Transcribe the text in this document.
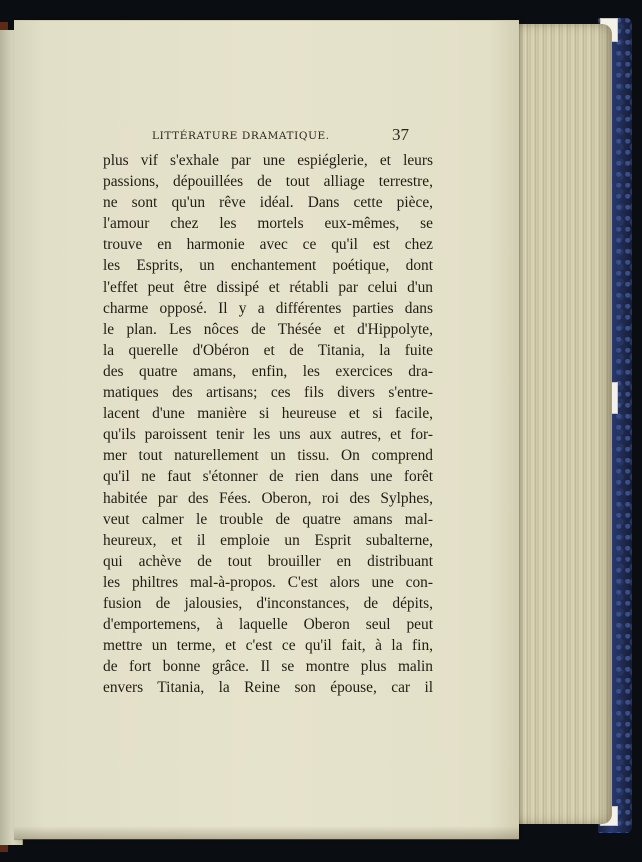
LITTÉRATURE DRAMATIQUE.	37
plus vif s'exhale par une espiéglerie, et leurs
passions, dépouillées de tout alliage terrestre,
ne sont qu'un rêve idéal. Dans cette pièce,
l'amour chez les mortels eux-mêmes, se
trouve en harmonie avec ce qu'il est chez
les Esprits, un enchantement poétique, dont
l'effet peut être dissipé et rétabli par celui d'un
charme opposé. Il y a différentes parties dans
le plan. Les nôces de Thésée et d'Hippolyte,
la querelle d'Obéron et de Titania, la fuite
des quatre amans, enfin, les exercices dra-
matiques des artisans; ces fils divers s'entre-
lacent d'une manière si heureuse et si facile,
qu'ils paroissent tenir les uns aux autres, et for-
mer tout naturellement un tissu. On comprend
qu'il ne faut s'étonner de rien dans une forêt
habitée par des Fées. Oberon, roi des Sylphes,
veut calmer le trouble de quatre amans mal-
heureux, et il emploie un Esprit subalterne,
qui achève de tout brouiller en distribuant
les philtres mal-à-propos. C'est alors une con-
fusion de jalousies, d'inconstances, de dépits,
d'emportemens, à laquelle Oberon seul peut
mettre un terme, et c'est ce qu'il fait, à la fin,
de fort bonne grâce. Il se montre plus malin
envers Titania, la Reine son épouse, car il
